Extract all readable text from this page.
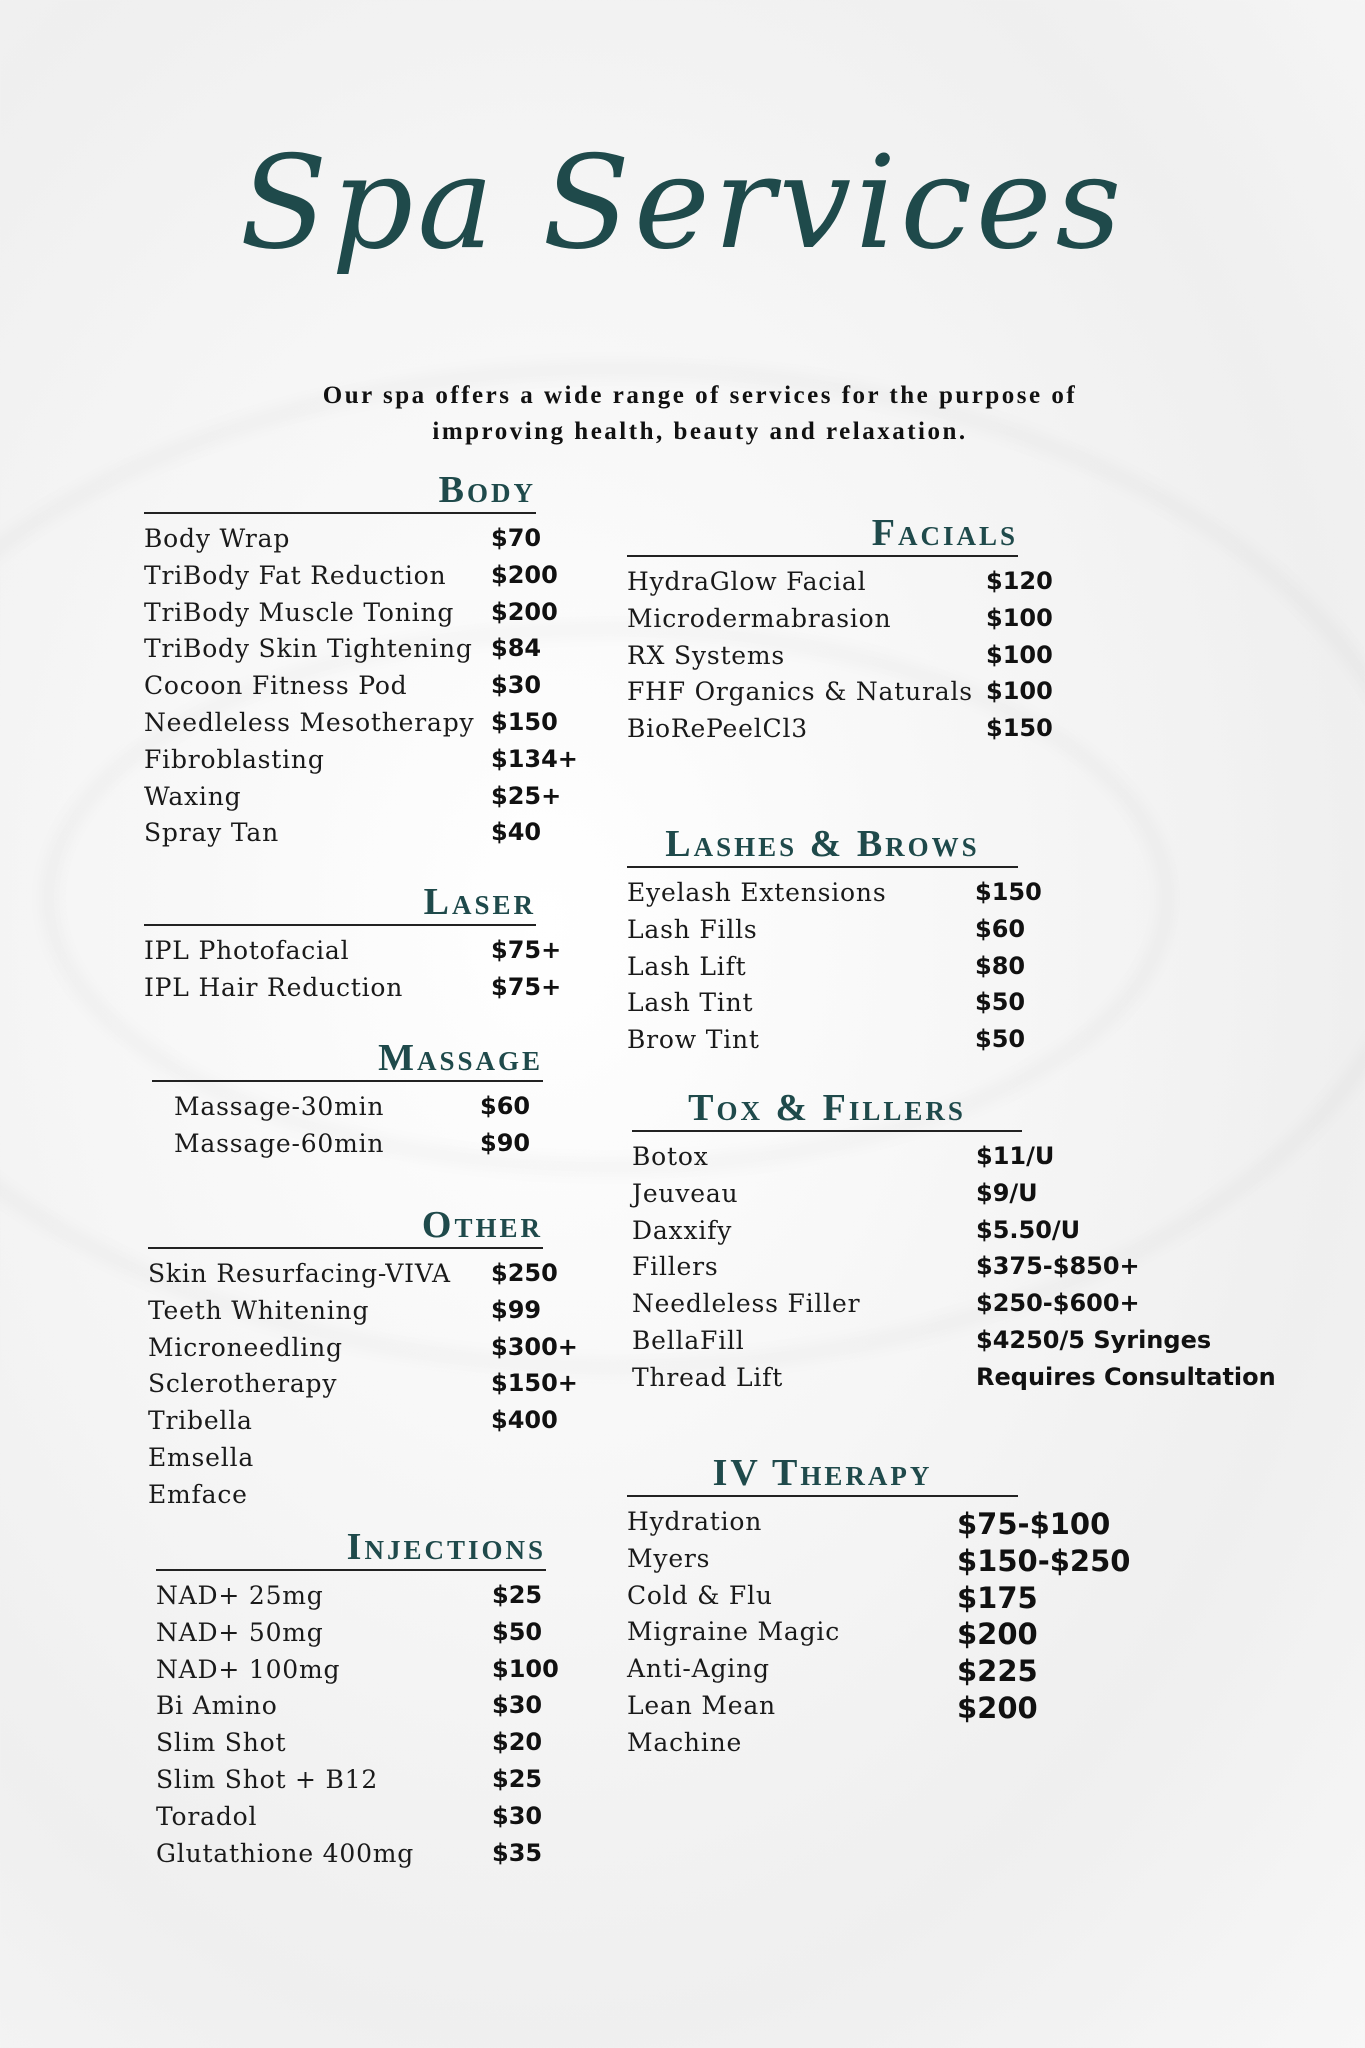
Spa Services
Our spa offers a wide range of services for the purpose of
improving health, beauty and relaxation.
Body
Body Wrap	$70
TriBody Fat Reduction $200
TriBody Muscle Toning $200
TriBody Skin Tightening $84
Cocoon Fitness Pod	$30
Needleless Mesotherapy $150
Fibroblasting	$134+
Waxing	$25+
Spray Tan	$40
Laser
IPL Photofacial	$75+
IPL Hair Reduction	$75+
Massage
Massage-30min	$60
Massage-60min	$90
Other
Skin Resurfacing-VIVA $250
Teeth Whitening	$99
Microneedling	$300+
Sclerotherapy	$150+
Tribella	$400
Emsella
Emface
Injections
NAD+ 25mg	$25
NAD+ 50mg	$50
NAD+ 100mg	$100
Bi Amino	$30
Slim Shot	$20
Slim Shot + B12	$25
Toradol	$30
Glutathione 400mg	$35
Facials
HydraGlow Facial	$120
Microdermabrasion	$100
RX Systems	$100
FHF Organics & Naturals $100
BioRePeelCl3	$150
Lashes & Brows
Eyelash Extensions	$150
Lash Fills	$60
Lash Lift	$80
Lash Tint	$50
Brow Tint	$50
Tox & Fillers
Botox	$11/U
Jeuveau	$9/U
Daxxify	$5.50/U
Fillers	$375-$850+
Needleless Filler	$250-$600+
BellaFill	$4250/5 Syringes
Thread Lift	Requires Consultation
IV Therapy
Hydration	$75-$100
Myers	$150-$250
Cold & Flu	$175
Migraine Magic	$200
Anti-Aging	$225
Lean Mean	$200
Machine
